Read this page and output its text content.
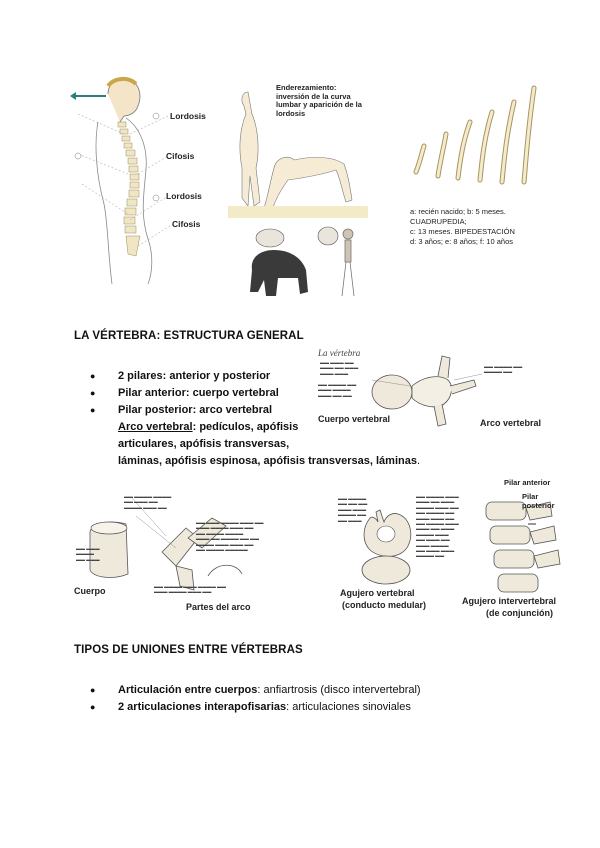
Lordosis
Cifosis
Lordosis
Cifosis
Enderezamiento: inversión de la curva lumbar y aparición de la lordosis
a: recién nacido; b: 5 meses.
CUADRUPEDIA;
c: 13 meses. BIPEDESTACIÓN
d: 3 años; e: 8 años; f: 10 años
LA VÉRTEBRA: ESTRUCTURA GENERAL
● 2 pilares: anterior y posterior
● Pilar anterior: cuerpo vertebral
● Pilar posterior: arco vertebral
Arco vertebral: pedículos, apófisis
articulares, apófisis transversas,
láminas, apófisis espinosa, apófisis transversas, láminas.
La vértebra
▬▬ ▬▬▬ ▬▬
▬▬▬ ▬▬ ▬▬▬
▬▬▬ ▬▬▬
▬▬ ▬▬▬▬ ▬▬
▬▬▬ ▬▬▬▬
▬▬▬ ▬▬ ▬▬
▬▬ ▬▬▬▬ ▬▬
▬▬▬▬ ▬▬
Cuerpo vertebral	Arco vertebral
▬▬ ▬▬▬▬ ▬▬▬▬
▬▬ ▬▬▬ ▬▬
▬▬▬▬ ▬▬▬ ▬▬
▬▬ ▬▬▬ ▬▬▬▬ ▬▬▬ ▬▬
▬▬▬ ▬▬▬▬ ▬▬▬ ▬▬
▬▬ ▬▬▬▬ ▬▬▬▬
▬▬▬ ▬▬ ▬▬▬▬ ▬▬ ▬▬
▬▬▬▬ ▬▬▬ ▬▬▬ ▬▬
▬▬ ▬▬▬▬ ▬▬▬▬▬
▬▬ ▬▬▬
▬▬▬▬
▬▬ ▬▬▬
▬▬ ▬▬▬▬ ▬▬▬ ▬▬▬▬ ▬▬
▬▬▬ ▬▬▬▬ ▬▬▬ ▬▬
Cuerpo
Partes del arco
▬▬ ▬▬▬▬
▬▬ ▬▬ ▬▬
▬▬▬ ▬▬▬
▬▬▬▬ ▬▬
▬▬ ▬▬▬
▬▬ ▬▬▬▬ ▬▬▬
▬▬▬ ▬▬ ▬▬▬
▬▬▬▬ ▬▬▬ ▬▬
▬▬ ▬▬▬▬ ▬▬
▬▬▬ ▬▬▬ ▬▬
▬▬ ▬▬▬▬ ▬▬▬
▬▬▬ ▬▬ ▬▬▬
▬▬▬▬ ▬▬▬
▬▬ ▬▬▬ ▬▬
▬▬▬ ▬▬▬▬
▬▬ ▬▬▬ ▬▬▬
▬▬▬▬ ▬▬
Pilar anterior
Pilar posterior
Agujero vertebral
(conducto medular)	Agujero intervertebral
(de conjunción)
TIPOS DE UNIONES ENTRE VÉRTEBRAS
● Articulación entre cuerpos: anfiartrosis (disco intervertebral)
● 2 articulaciones interapofisarias: articulaciones sinoviales
